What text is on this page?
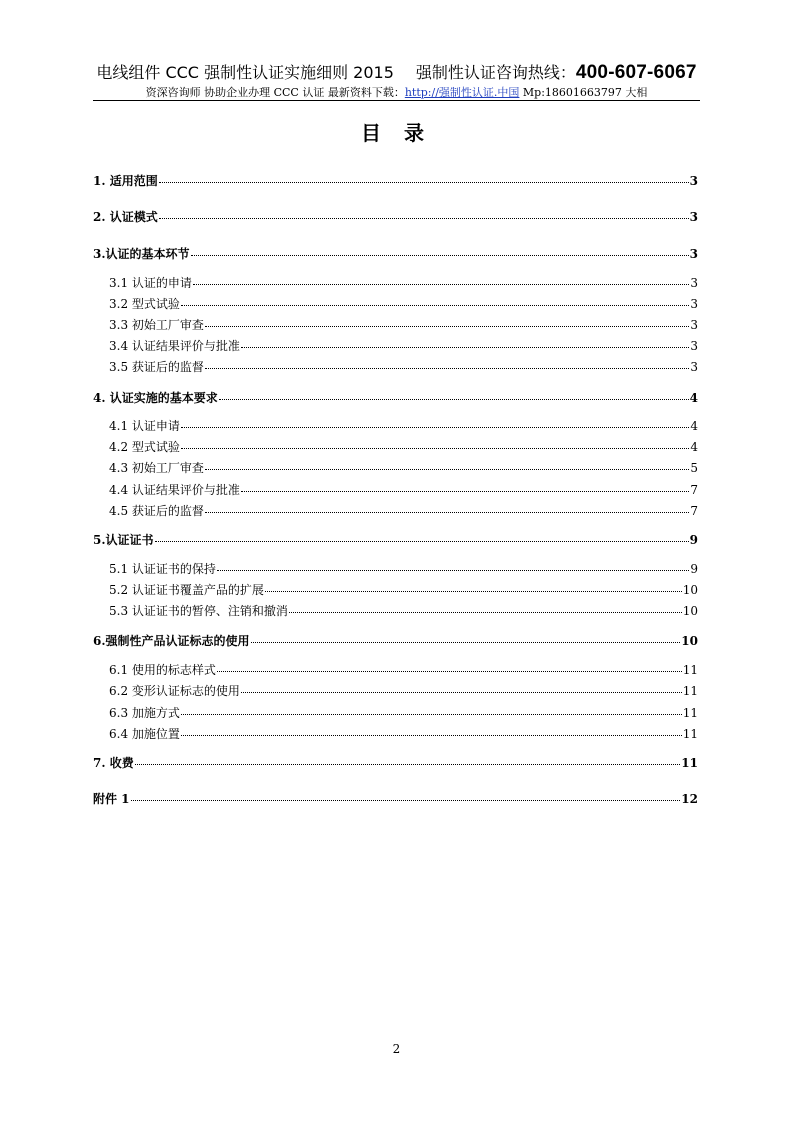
电线组件 CCC 强制性认证实施细则 2015 强制性认证咨询热线：400-607-6067
资深咨询师 协助企业办理 CCC 认证 最新资料下载：http://强制性认证.中国 Mp:18601663797 大相
目 录
1. 适用范围	3
2. 认证模式	3
3.认证的基本环节	3
3.1 认证的申请	3
3.2 型式试验	3
3.3 初始工厂审查	3
3.4 认证结果评价与批准	3
3.5 获证后的监督	3
4. 认证实施的基本要求	4
4.1 认证申请	4
4.2 型式试验	4
4.3 初始工厂审查	5
4.4 认证结果评价与批准	7
4.5 获证后的监督	7
5.认证证书	9
5.1 认证证书的保持	9
5.2 认证证书覆盖产品的扩展	10
5.3 认证证书的暂停、注销和撤消	10
6.强制性产品认证标志的使用	10
6.1 使用的标志样式	11
6.2 变形认证标志的使用	11
6.3 加施方式	11
6.4 加施位置	11
7. 收费	11
附件 1	12
2
